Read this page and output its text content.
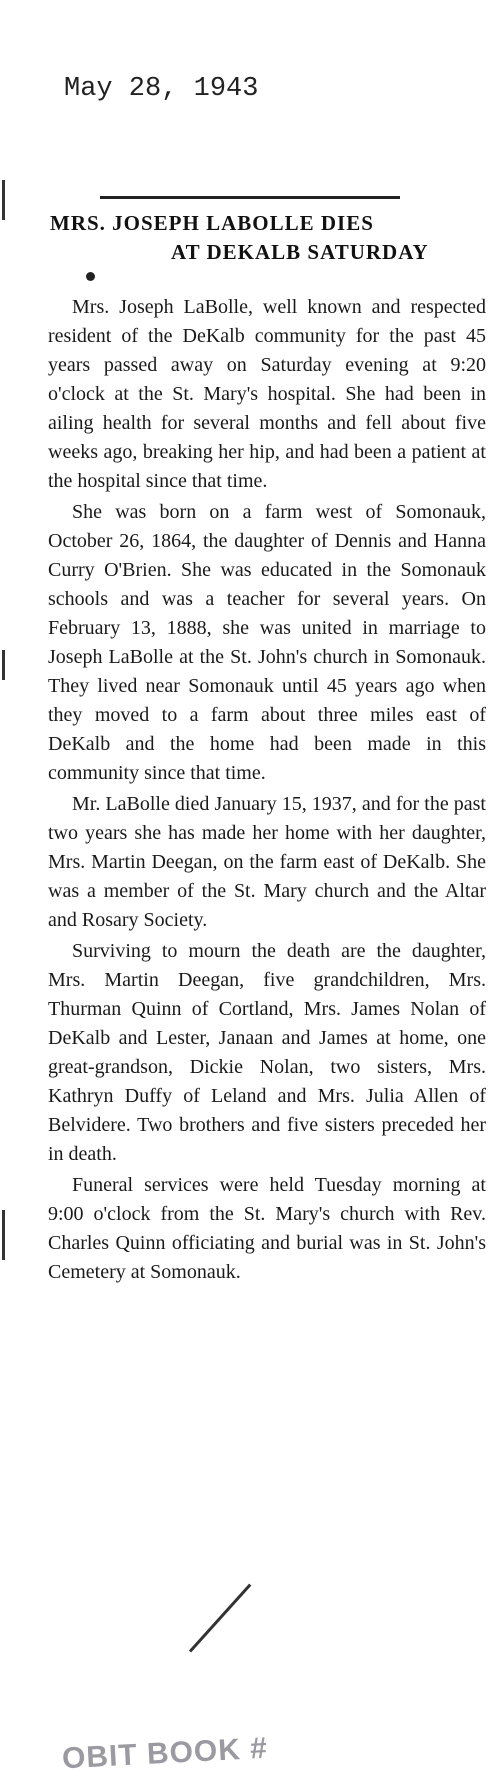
May 28, 1943
MRS. JOSEPH LABOLLE DIES
AT DEKALB SATURDAY

Mrs. Joseph LaBolle, well known and respected resident of the DeKalb community for the past 45 years passed away on Saturday evening at 9:20 o'clock at the St. Mary's hospital. She had been in ailing health for several months and fell about five weeks ago, breaking her hip, and had been a patient at the hospital since that time.

She was born on a farm west of Somonauk, October 26, 1864, the daughter of Dennis and Hanna Curry O'Brien. She was educated in the Somonauk schools and was a teacher for several years. On February 13, 1888, she was united in marriage to Joseph LaBolle at the St. John's church in Somonauk. They lived near Somonauk until 45 years ago when they moved to a farm about three miles east of DeKalb and the home had been made in this community since that time.

Mr. LaBolle died January 15, 1937, and for the past two years she has made her home with her daughter, Mrs. Martin Deegan, on the farm east of DeKalb. She was a member of the St. Mary church and the Altar and Rosary Society.

Surviving to mourn the death are the daughter, Mrs. Martin Deegan, five grandchildren, Mrs. Thurman Quinn of Cortland, Mrs. James Nolan of DeKalb and Lester, Janaan and James at home, one great-grandson, Dickie Nolan, two sisters, Mrs. Kathryn Duffy of Leland and Mrs. Julia Allen of Belvidere. Two brothers and five sisters preceded her in death.

Funeral services were held Tuesday morning at 9:00 o'clock from the St. Mary's church with Rev. Charles Quinn officiating and burial was in St. John's Cemetery at Somonauk.

OBIT BOOK #
